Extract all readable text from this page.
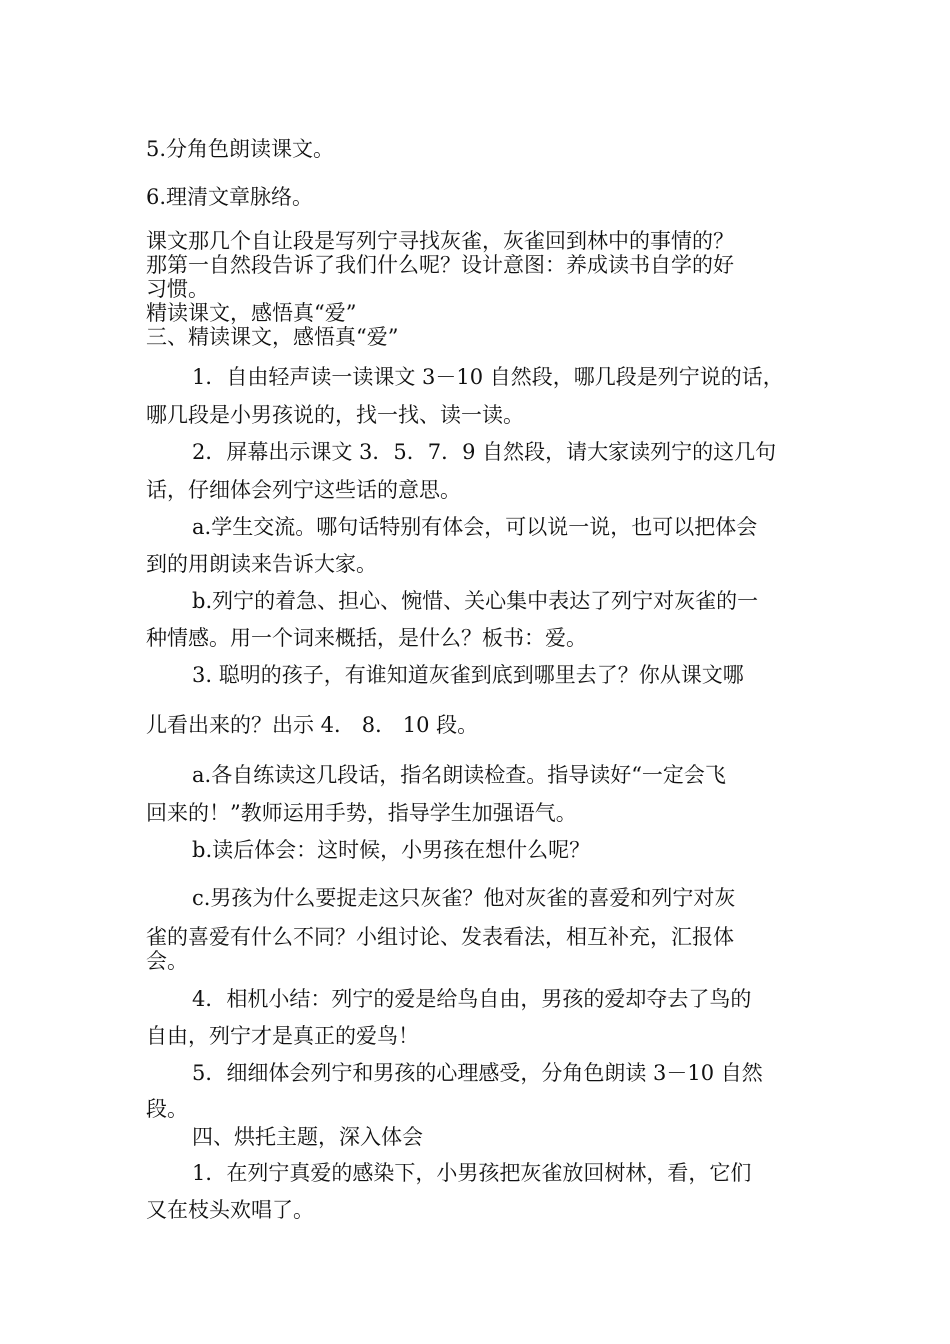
5.分角色朗读课文。
6.理清文章脉络。
课文那几个自让段是写列宁寻找灰雀，灰雀回到林中的事情的？
那第一自然段告诉了我们什么呢？设计意图：养成读书自学的好
习惯。
精读课文，感悟真“爱”
三、精读课文，感悟真“爱”
1．自由轻声读一读课文 3－10 自然段，哪几段是列宁说的话，
哪几段是小男孩说的，找一找、读一读。
2．屏幕出示课文 3．5．7．9 自然段，请大家读列宁的这几句
话，仔细体会列宁这些话的意思。
a.学生交流。哪句话特别有体会，可以说一说，也可以把体会
到的用朗读来告诉大家。
b.列宁的着急、担心、惋惜、关心集中表达了列宁对灰雀的一
种情感。用一个词来概括，是什么？板书：爱。
3. 聪明的孩子，有谁知道灰雀到底到哪里去了？你从课文哪
儿看出来的？出示 4． 8． 10 段。
a.各自练读这几段话，指名朗读检查。指导读好“一定会飞
回来的！”教师运用手势，指导学生加强语气。
b.读后体会：这时候，小男孩在想什么呢？
c.男孩为什么要捉走这只灰雀？他对灰雀的喜爱和列宁对灰
雀的喜爱有什么不同？小组讨论、发表看法，相互补充，汇报体
会。
4．相机小结：列宁的爱是给鸟自由，男孩的爱却夺去了鸟的
自由，列宁才是真正的爱鸟！
5．细细体会列宁和男孩的心理感受，分角色朗读 3－10 自然
段。
四、烘托主题，深入体会
1．在列宁真爱的感染下，小男孩把灰雀放回树林，看，它们
又在枝头欢唱了。
